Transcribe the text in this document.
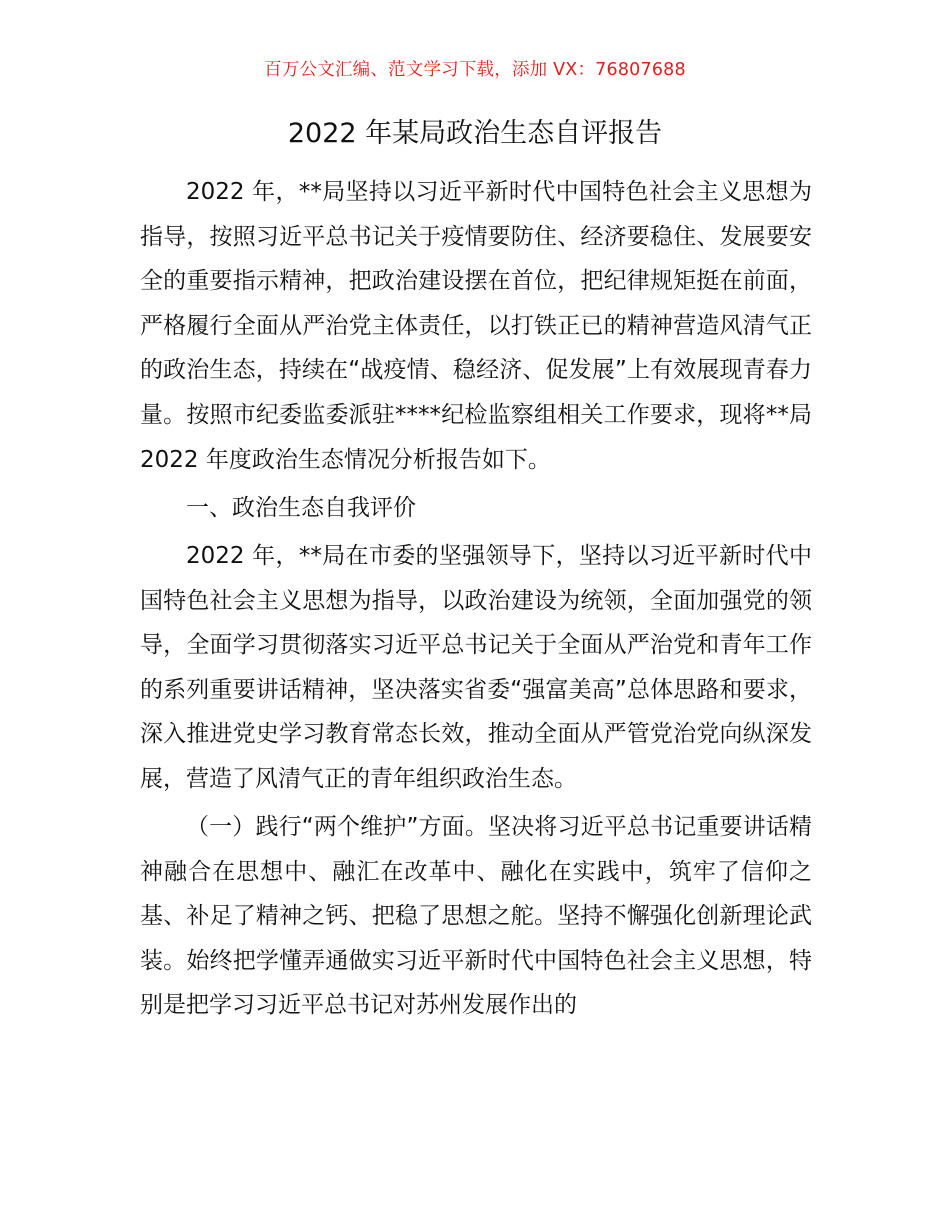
百万公文汇编、范文学习下载，添加 VX：76807688
2022 年某局政治生态自评报告

2022 年，**局坚持以习近平新时代中国特色社会主义思想为指导，按照习近平总书记关于疫情要防住、经济要稳住、发展要安全的重要指示精神，把政治建设摆在首位，把纪律规矩挺在前面，严格履行全面从严治党主体责任，以打铁正已的精神营造风清气正的政治生态，持续在“战疫情、稳经济、促发展”上有效展现青春力量。按照市纪委监委派驻****纪检监察组相关工作要求，现将**局 2022 年度政治生态情况分析报告如下。

一、政治生态自我评价

2022 年，**局在市委的坚强领导下，坚持以习近平新时代中国特色社会主义思想为指导，以政治建设为统领，全面加强党的领导，全面学习贯彻落实习近平总书记关于全面从严治党和青年工作的系列重要讲话精神，坚决落实省委“强富美高”总体思路和要求，深入推进党史学习教育常态长效，推动全面从严管党治党向纵深发展，营造了风清气正的青年组织政治生态。

（一）践行“两个维护”方面。坚决将习近平总书记重要讲话精神融合在思想中、融汇在改革中、融化在实践中，筑牢了信仰之基、补足了精神之钙、把稳了思想之舵。坚持不懈强化创新理论武装。始终把学懂弄通做实习近平新时代中国特色社会主义思想，特别是把学习习近平总书记对苏州发展作出的
